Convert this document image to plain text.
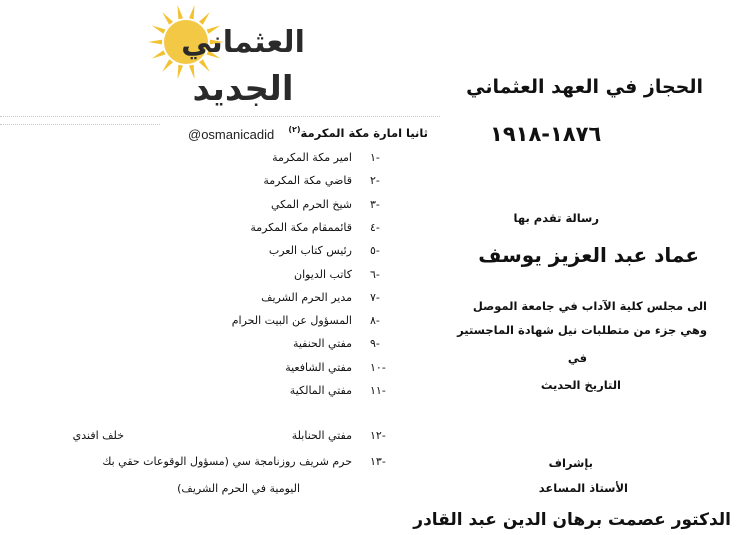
العثماني
الجديد
@osmanicadid	ثانيا امارة مكة المكرمة$^{(٢)}$
١-
امير مكة المكرمة
٢-
قاضي مكة المكرمة
٣-
شيخ الحرم المكي
٤-
قائممقام مكة المكرمة
٥-
رئيس كتاب العرب
٦-
كاتب الديوان
٧-
مدير الحرم الشريف
٨-
المسؤول عن البيت الحرام
٩-
مفتي الحنفية
١٠-
مفتي الشافعية
١١-
مفتي المالكية
١٢-
مفتي الحنابلة
خلف افندي
١٣-
حرم شريف روزنامجة سي (مسؤول الوقوعات حقي بك
اليومية في الحرم الشريف)
الحجاز في العهد العثماني
١٨٧٦-١٩١٨
رسالة تقدم بها
عماد عبد العزيز يوسف
الى مجلس كلية الآداب في جامعة الموصل
وهي جزء من متطلبات نيل شهادة الماجستير
في
التاريخ الحديث
بإشراف
الأستاذ المساعد
الدكتور عصمت برهان الدين عبد القادر
